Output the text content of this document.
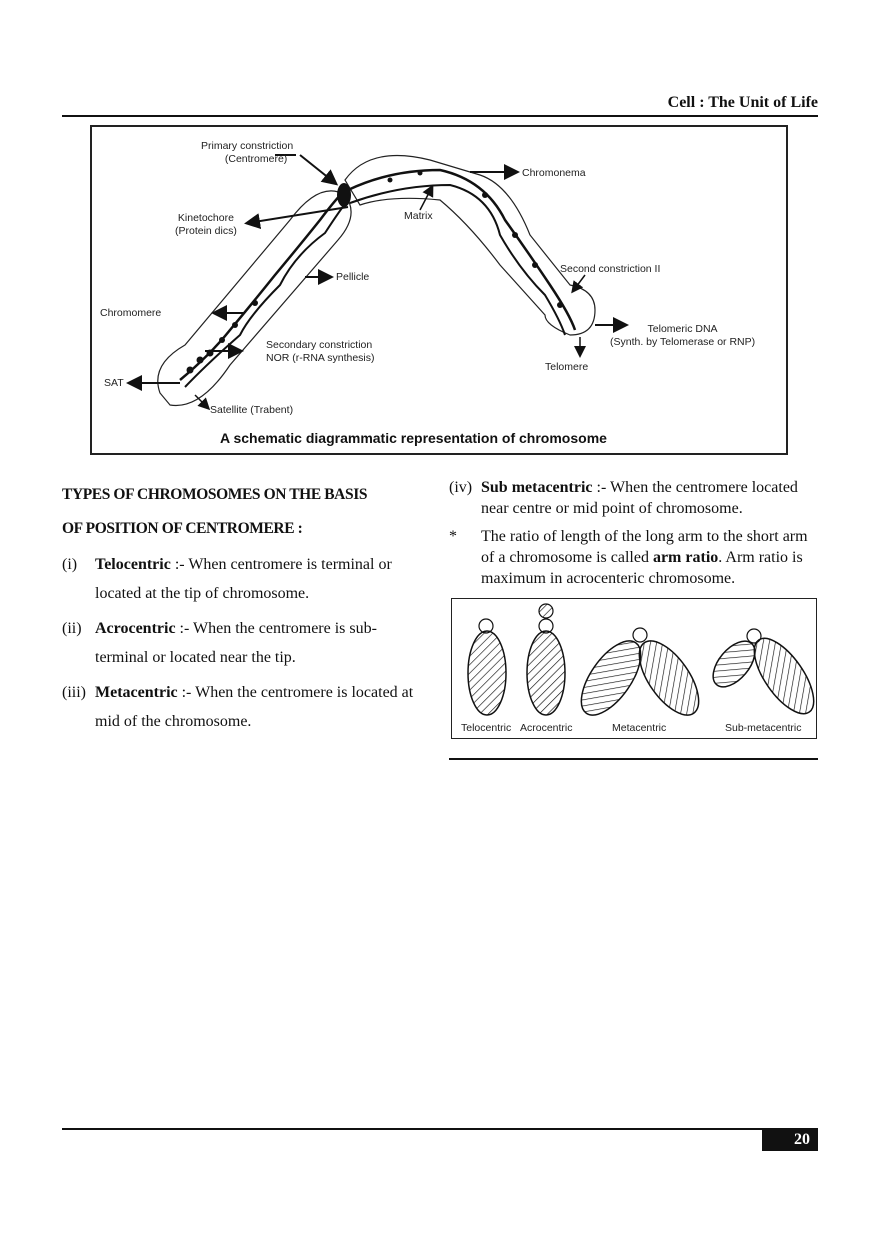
Cell : The Unit of Life
Primary constriction
(Centromere)
Chromonema
Matrix
Kinetochore
(Protein dics)
Pellicle
Second constriction II
Chromomere
Telomeric DNA
(Synth. by Telomerase or RNP)
Secondary constriction
NOR (r-RNA synthesis)
Telomere
SAT
Satellite (Trabent)
A schematic diagrammatic representation of chromosome
TYPES OF CHROMOSOMES ON THE BASIS
OF POSITION OF CENTROMERE :
(i) Telocentric :- When centromere is terminal or located at the tip of chromosome.
(ii) Acrocentric :- When the centromere is sub-terminal or located near the tip.
(iii) Metacentric :- When the centromere is located at mid of the chromosome.
(iv) Sub metacentric :- When the centromere located near centre or mid point of chromosome.
* The ratio of length of the long arm to the short arm of a chromosome is called arm ratio. Arm ratio is maximum in acrocenteric chromosome.
Telocentric Acrocentric	Metacentric	Sub-metacentric
20
